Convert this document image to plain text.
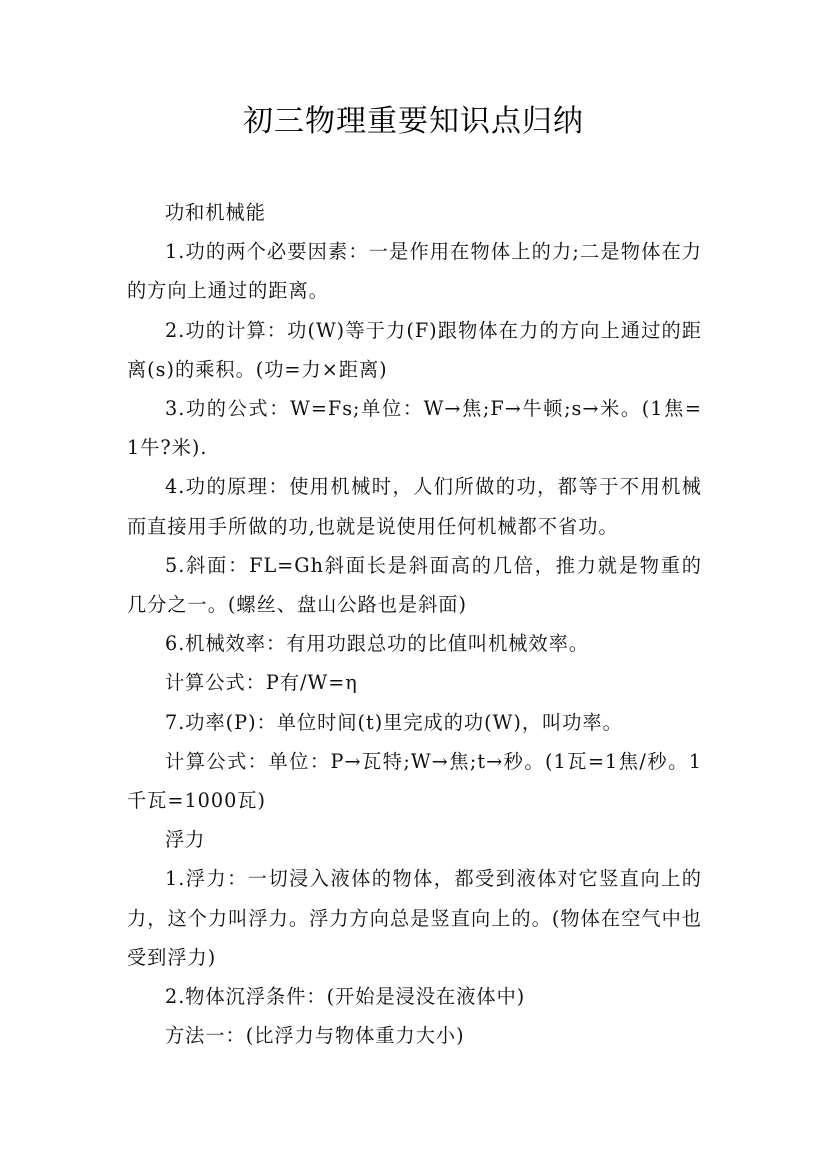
初三物理重要知识点归纳

功和机械能

1.功的两个必要因素：一是作用在物体上的力;二是物体在力的方向上通过的距离。

2.功的计算：功(W)等于力(F)跟物体在力的方向上通过的距离(s)的乘积。(功=力×距离)

3.功的公式：W=Fs;单位：W→焦;F→牛顿;s→米。(1焦=1牛?米).

4.功的原理：使用机械时，人们所做的功，都等于不用机械而直接用手所做的功,也就是说使用任何机械都不省功。

5.斜面：FL=Gh斜面长是斜面高的几倍，推力就是物重的几分之一。(螺丝、盘山公路也是斜面)

6.机械效率：有用功跟总功的比值叫机械效率。

计算公式：P有/W=η

7.功率(P)：单位时间(t)里完成的功(W)，叫功率。

计算公式：单位：P→瓦特;W→焦;t→秒。(1瓦=1焦/秒。1千瓦=1000瓦)

浮力

1.浮力：一切浸入液体的物体，都受到液体对它竖直向上的力，这个力叫浮力。浮力方向总是竖直向上的。(物体在空气中也受到浮力)

2.物体沉浮条件：(开始是浸没在液体中)

方法一：(比浮力与物体重力大小)
